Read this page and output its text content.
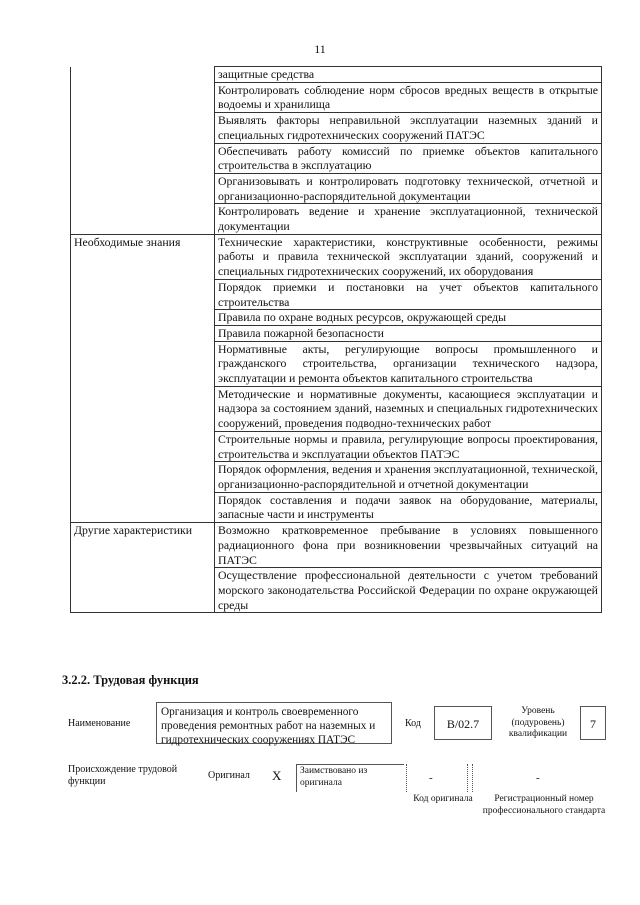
11
	защитные средства
	Контролировать соблюдение норм сбросов вредных веществ в открытые водоемы и хранилища
	Выявлять факторы неправильной эксплуатации наземных зданий и специальных гидротехнических сооружений ПАТЭС
	Обеспечивать работу комиссий по приемке объектов капитального строительства в эксплуатацию
	Организовывать и контролировать подготовку технической, отчетной и организационно-распорядительной документации
	Контролировать ведение и хранение эксплуатационной, технической документации
Необходимые знания	Технические характеристики, конструктивные особенности, режимы работы и правила технической эксплуатации зданий, сооружений и специальных гидротехнических сооружений, их оборудования
	Порядок приемки и постановки на учет объектов капитального строительства
	Правила по охране водных ресурсов, окружающей среды
	Правила пожарной безопасности
	Нормативные акты, регулирующие вопросы промышленного и гражданского строительства, организации технического надзора, эксплуатации и ремонта объектов капитального строительства
	Методические и нормативные документы, касающиеся эксплуатации и надзора за состоянием зданий, наземных и специальных гидротехнических сооружений, проведения подводно-технических работ
	Строительные нормы и правила, регулирующие вопросы проектирования, строительства и эксплуатации объектов ПАТЭС
	Порядок оформления, ведения и хранения эксплуатационной, технической, организационно-распорядительной и отчетной документации
	Порядок составления и подачи заявок на оборудование, материалы, запасные части и инструменты
Другие характеристики	Возможно кратковременное пребывание в условиях повышенного радиационного фона при возникновении чрезвычайных ситуаций на ПАТЭС
	Осуществление профессиональной деятельности с учетом требований морского законодательства Российской Федерации по охране окружающей среды
3.2.2. Трудовая функция
Наименование
Организация и контроль своевременного проведения ремонтных работ на наземных и гидротехнических сооружениях ПАТЭС
Код	B/02.7
Уровень (подуровень) квалификации
7
Происхождение трудовой функции	Оригинал X	Заимствовано из оригинала	-	-
Код оригинала	Регистрационный номер профессионального стандарта
